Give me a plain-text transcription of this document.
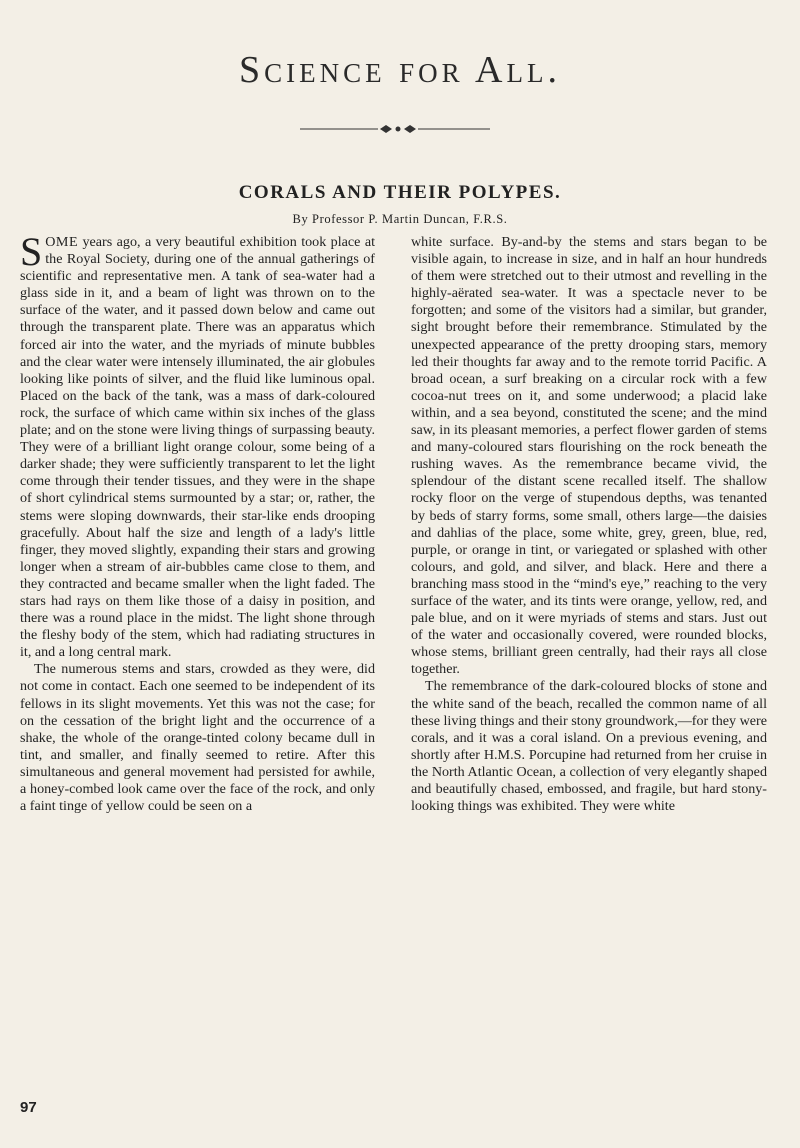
Science for All.
CORALS AND THEIR POLYPES.
By Professor P. Martin Duncan, F.R.S.

SOME years ago, a very beautiful exhibition took place at the Royal Society, during one of the annual gatherings of scientific and representative men. A tank of sea-water had a glass side in it, and a beam of light was thrown on to the surface of the water, and it passed down below and came out through the transparent plate. There was an apparatus which forced air into the water, and the myriads of minute bubbles and the clear water were intensely illuminated, the air globules looking like points of silver, and the fluid like luminous opal. Placed on the back of the tank, was a mass of dark-coloured rock, the surface of which came within six inches of the glass plate; and on the stone were living things of surpassing beauty. They were of a brilliant light orange colour, some being of a darker shade; they were sufficiently transparent to let the light come through their tender tissues, and they were in the shape of short cylindrical stems surmounted by a star; or, rather, the stems were sloping downwards, their star-like ends drooping gracefully. About half the size and length of a lady's little finger, they moved slightly, expanding their stars and growing longer when a stream of air-bubbles came close to them, and they contracted and became smaller when the light faded. The stars had rays on them like those of a daisy in position, and there was a round place in the midst. The light shone through the fleshy body of the stem, which had radiating structures in it, and a long central mark.

The numerous stems and stars, crowded as they were, did not come in contact. Each one seemed to be independent of its fellows in its slight movements. Yet this was not the case; for on the cessation of the bright light and the occurrence of a shake, the whole of the orange-tinted colony became dull in tint, and smaller, and finally seemed to retire. After this simultaneous and general movement had persisted for awhile, a honey-combed look came over the face of the rock, and only a faint tinge of yellow could be seen on a

white surface. By-and-by the stems and stars began to be visible again, to increase in size, and in half an hour hundreds of them were stretched out to their utmost and revelling in the highly-aërated sea-water. It was a spectacle never to be forgotten; and some of the visitors had a similar, but grander, sight brought before their remembrance. Stimulated by the unexpected appearance of the pretty drooping stars, memory led their thoughts far away and to the remote torrid Pacific. A broad ocean, a surf breaking on a circular rock with a few cocoa-nut trees on it, and some underwood; a placid lake within, and a sea beyond, constituted the scene; and the mind saw, in its pleasant memories, a perfect flower garden of stems and many-coloured stars flourishing on the rock beneath the rushing waves. As the remembrance became vivid, the splendour of the distant scene recalled itself. The shallow rocky floor on the verge of stupendous depths, was tenanted by beds of starry forms, some small, others large—the daisies and dahlias of the place, some white, grey, green, blue, red, purple, or orange in tint, or variegated or splashed with other colours, and gold, and silver, and black. Here and there a branching mass stood in the “mind's eye,” reaching to the very surface of the water, and its tints were orange, yellow, red, and pale blue, and on it were myriads of stems and stars. Just out of the water and occasionally covered, were rounded blocks, whose stems, brilliant green centrally, had their rays all close together.

The remembrance of the dark-coloured blocks of stone and the white sand of the beach, recalled the common name of all these living things and their stony groundwork,—for they were corals, and it was a coral island. On a previous evening, and shortly after H.M.S. Porcupine had returned from her cruise in the North Atlantic Ocean, a collection of very elegantly shaped and beautifully chased, embossed, and fragile, but hard stony-looking things was exhibited. They were white

97
